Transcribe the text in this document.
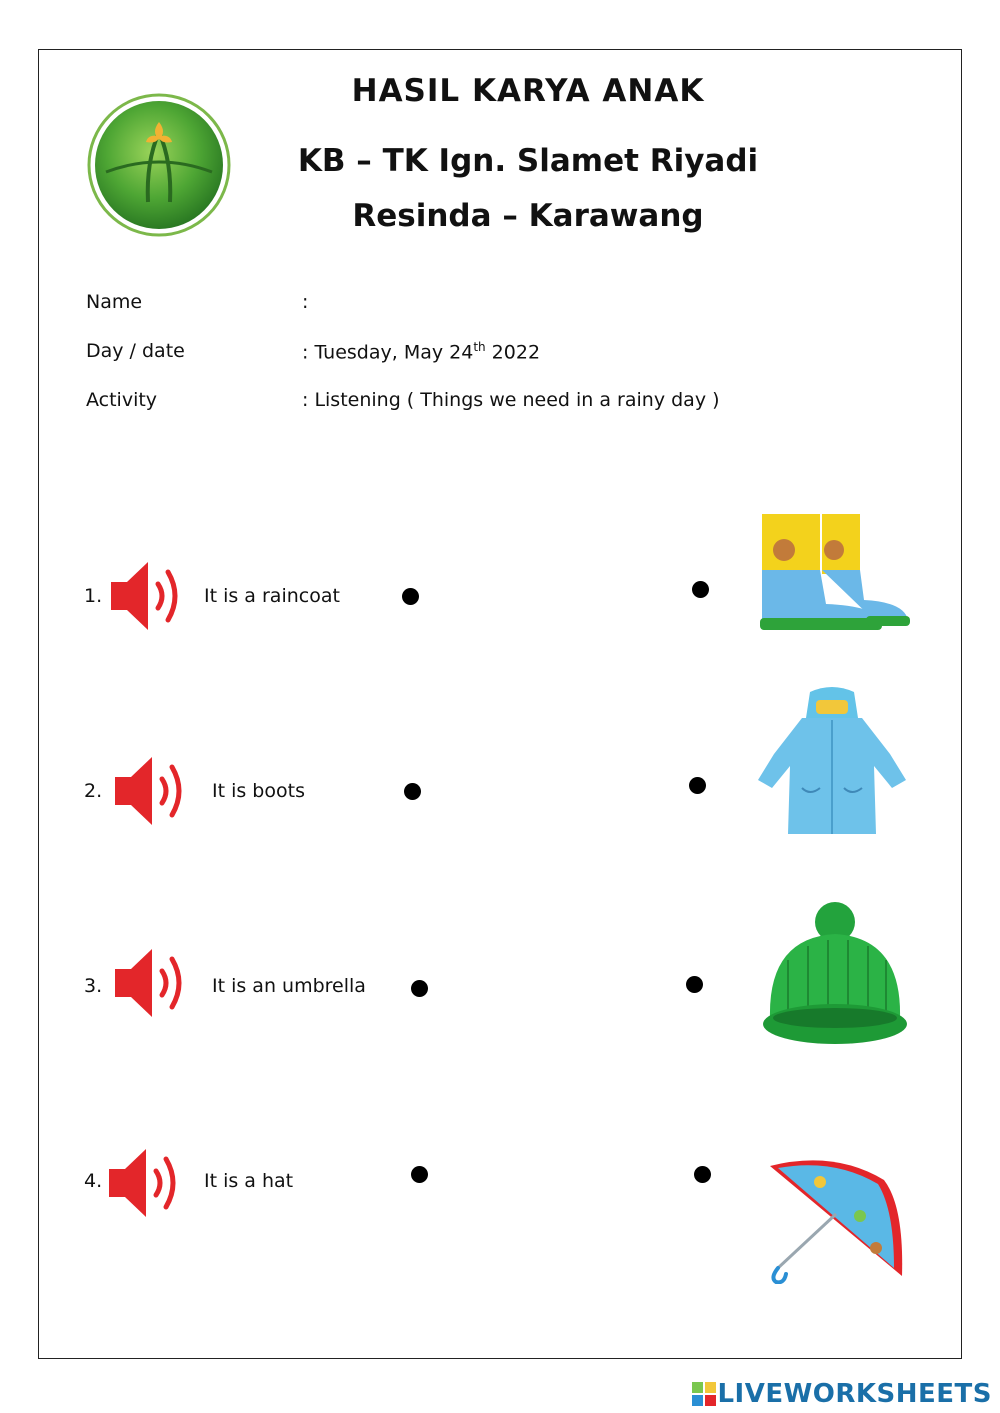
HASIL KARYA ANAK
KB – TK Ign. Slamet Riyadi
Resinda – Karawang
Name	:
Day / date	: Tuesday, May 24th 2022
Activity	: Listening ( Things we need in a rainy day )
1.	It is a raincoat
2.	It is boots
3.	It is an umbrella
4.	It is a hat
LIVEWORKSHEETS
